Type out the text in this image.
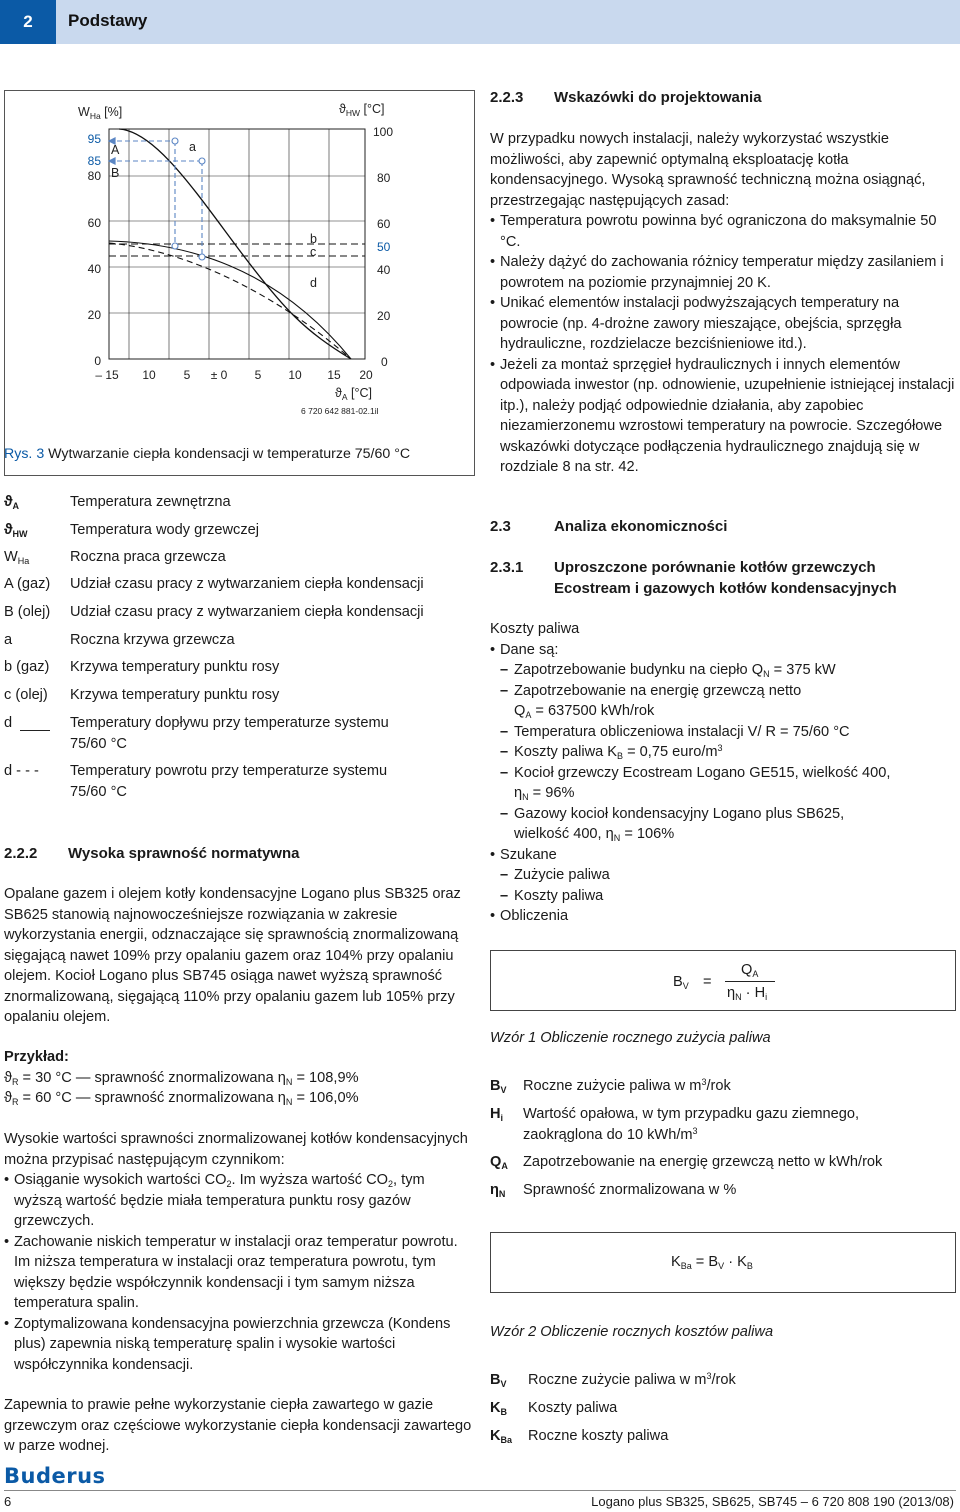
2	Podstawy
$W_{Ha}$ [%]	$ϑ_{HW}$ [°C]
95
85
80
60
40
20
0
100
80
60
50
40
20
0
– 15 10 5 ± 0 5 10 15 20
$ϑ_A$ [°C]
6 720 642 881-02.1il
A
B
a
b
c
d
Rys. 3 Wytwarzanie ciepła kondensacji w temperaturze 75/60 °C
$ϑ_A$	Temperatura zewnętrzna
$ϑ_{HW}$	Temperatura wody grzewczej
$W_{Ha}$	Roczna praca grzewcza
A (gaz) Udział czasu pracy z wytwarzaniem ciepła kondensacji
B (olej) Udział czasu pracy z wytwarzaniem ciepła kondensacji
a	Roczna krzywa grzewcza
b (gaz) Krzywa temperatury punktu rosy
c (olej) Krzywa temperatury punktu rosy
d	Temperatury dopływu przy temperaturze systemu 75/60 °C
d - - - Temperatury powrotu przy temperaturze systemu 75/60 °C
2.2.2 Wysoka sprawność normatywna
Opalane gazem i olejem kotły kondensacyjne Logano plus SB325 oraz SB625 stanowią najnowocześniejsze rozwiązania w zakresie wykorzystania energii, odznaczające się sprawnością znormalizowaną sięgającą nawet 109% przy opalaniu gazem oraz 104% przy opalaniu olejem. Kocioł Logano plus SB745 osiąga nawet wyższą sprawność znormalizowaną, sięgającą 110% przy opalaniu gazem lub 105% przy opalaniu olejem.
Przykład:
$ϑ_R = 30$ °C — sprawność znormalizowana $\eta_N = 108,9\%$
$ϑ_R = 60$ °C — sprawność znormalizowana $\eta_N = 106,0\%$
Wysokie wartości sprawności znormalizowanej kotłów kondensacyjnych można przypisać następującym czynnikom:
• Osiąganie wysokich wartości $CO_2$. Im wyższa wartość $CO_2$, tym wyższą wartość będzie miała temperatura punktu rosy gazów grzewczych.
• Zachowanie niskich temperatur w instalacji oraz temperatur powrotu. Im niższa temperatura w instalacji oraz temperatura powrotu, tym większy będzie współczynnik kondensacji i tym samym niższa temperatura spalin.
• Zoptymalizowana kondensacyjna powierzchnia grzewcza (Kondens plus) zapewnia niską temperaturę spalin i wysokie wartości współczynnika kondensacji.
Zapewnia to prawie pełne wykorzystanie ciepła zawartego w gazie grzewczym oraz częściowe wykorzystanie ciepła kondensacji zawartego w parze wodnej.
2.2.3 Wskazówki do projektowania
W przypadku nowych instalacji, należy wykorzystać wszystkie możliwości, aby zapewnić optymalną eksploatację kotła kondensacyjnego. Wysoką sprawność techniczną można osiągnąć, przestrzegając następujących zasad:
• Temperatura powrotu powinna być ograniczona do maksymalnie 50 °C.
• Należy dążyć do zachowania różnicy temperatur między zasilaniem i powrotem na poziomie przynajmniej 20 K.
• Unikać elementów instalacji podwyższających temperatury na powrocie (np. 4-drożne zawory mieszające, obejścia, sprzęgła hydrauliczne, rozdzielacze bezciśnieniowe itd.).
• Jeżeli za montaż sprzęgieł hydraulicznych i innych elementów odpowiada inwestor (np. odnowienie, uzupełnienie istniejącej instalacji itp.), należy podjąć odpowiednie działania, aby zapobiec niezamierzonemu wzrostowi temperatury na powrocie. Szczegółowe wskazówki dotyczące podłączenia hydraulicznego znajdują się w rozdziale 8 na str. 42.
2.3	Analiza ekonomiczności
2.3.1 Uproszczone porównanie kotłów grzewczych
Ecostream i gazowych kotłów kondensacyjnych
Koszty paliwa
• Dane są:
– Zapotrzebowanie budynku na ciepło $Q_N = 375$ kW
– Zapotrzebowanie na energię grzewczą netto
$Q_A = 637500$ kWh/rok
– Temperatura obliczeniowa instalacji V/ R = 75/60 °C
– Koszty paliwa $K_B = 0,75$ euro/$m^3$
– Kocioł grzewczy Ecostream Logano GE515, wielkość 400,
$\eta_N = 96\%$
– Gazowy kocioł kondensacyjny Logano plus SB625,
wielkość 400, $\eta_N = 106\%$
• Szukane
– Zużycie paliwa
– Koszty paliwa
• Obliczenia
$B_V$ =
$Q_A$
$\eta_N \cdot H_i$
Wzór 1 Obliczenie rocznego zużycia paliwa
$B_V$ Roczne zużycie paliwa w $m^3$/rok
$H_i$ Wartość opałowa, w tym przypadku gazu ziemnego, zaokrąglona do 10 kWh/$m^3$
$Q_A$ Zapotrzebowanie na energię grzewczą netto w kWh/rok
$\eta_N$ Sprawność znormalizowana w %
$K_{Ba} = B_V \cdot K_B$
Wzór 2 Obliczenie rocznych kosztów paliwa
$B_V$ Roczne zużycie paliwa w $m^3$/rok
$K_B$ Koszty paliwa
$K_{Ba}$ Roczne koszty paliwa
Buderus
6	Logano plus SB325, SB625, SB745 – 6 720 808 190 (2013/08)
